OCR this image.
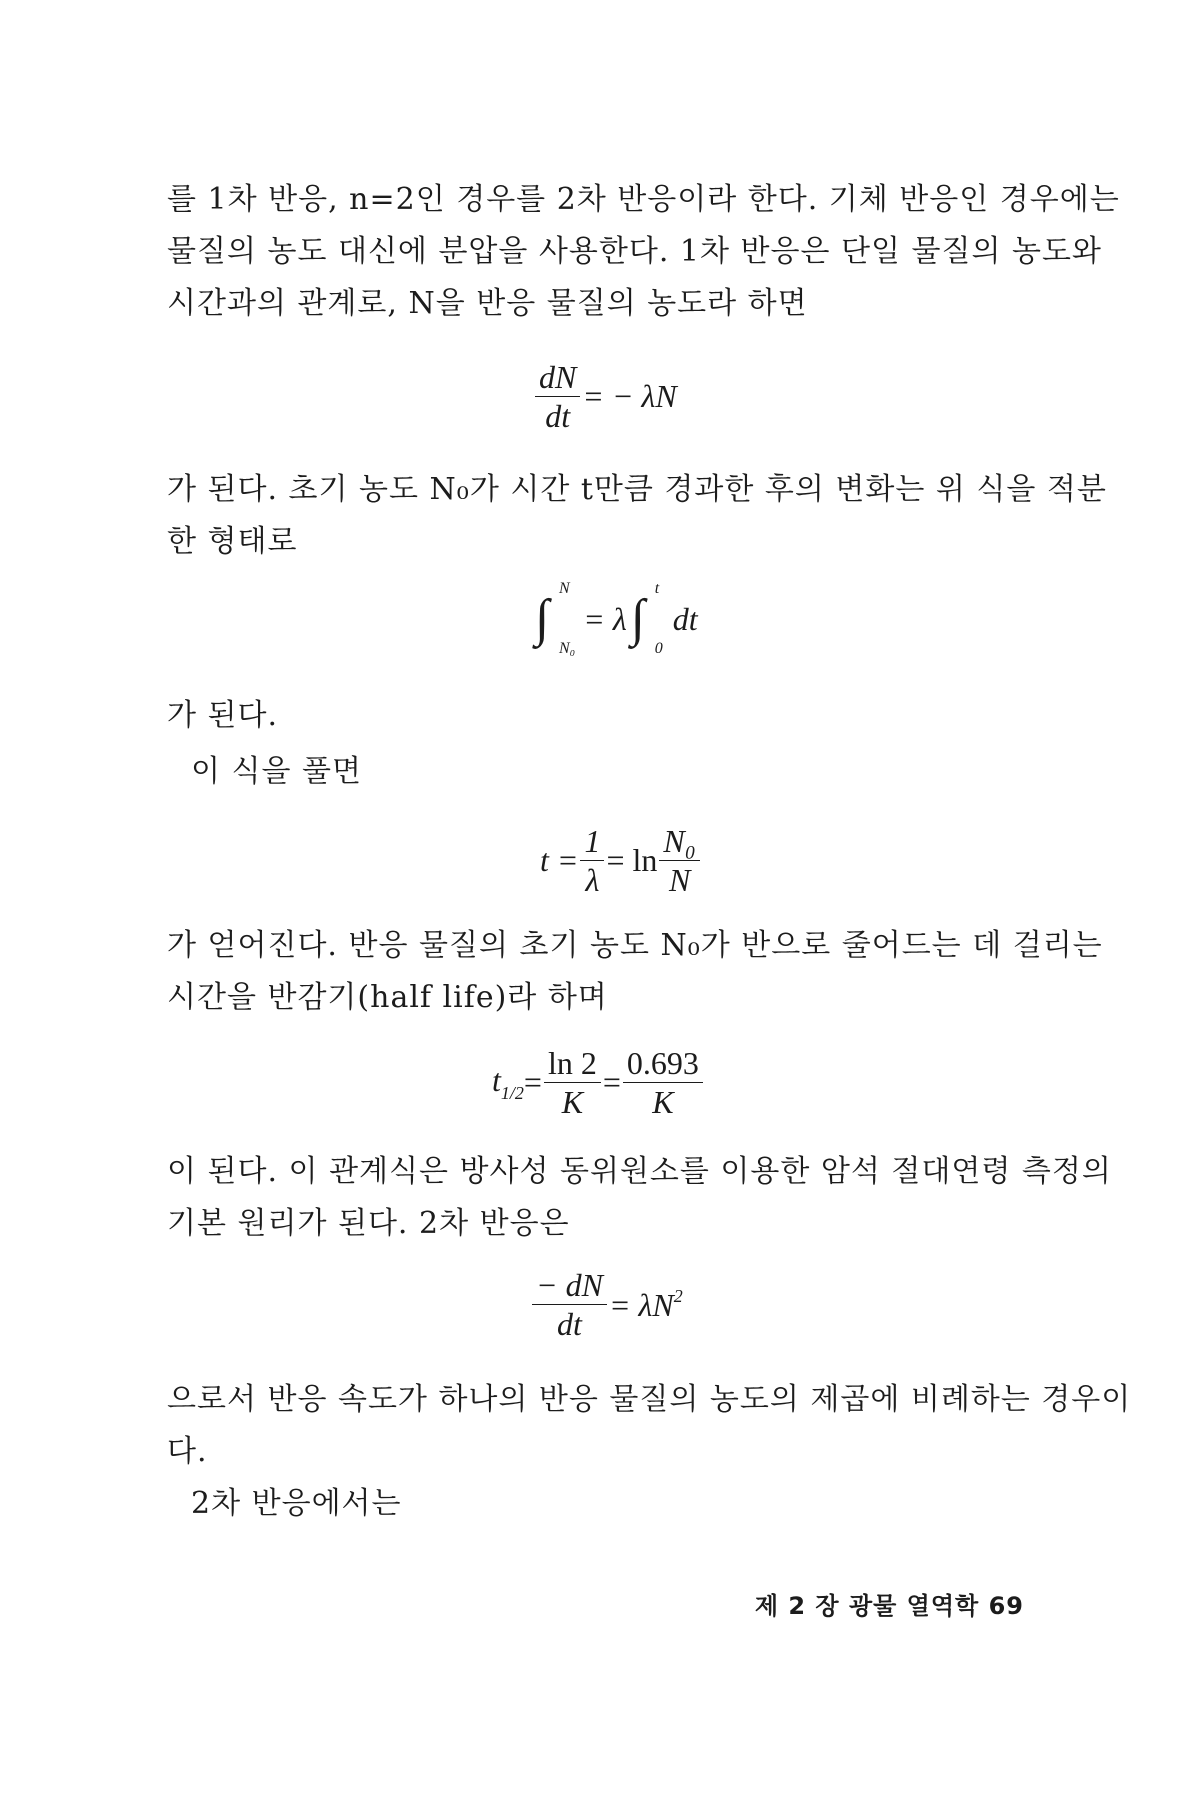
를 1차 반응, n=2인 경우를 2차 반응이라 한다. 기체 반응인 경우에는
물질의 농도 대신에 분압을 사용한다. 1차 반응은 단일 물질의 농도와
시간과의 관계로, N을 반응 물질의 농도라 하면
$\frac{dN}{dt}$ = − λN
가 된다. 초기 농도 N₀가 시간 t만큼 경과한 후의 변화는 위 식을 적분
한 형태로
∫
N
N₀
= λ ∫
t
0
dt
가 된다.
이 식을 풀면
$t = \frac{1}{\lambda} = \ln \frac{\text{N₀}}{N}$
가 얻어진다. 반응 물질의 초기 농도 N₀가 반으로 줄어드는 데 걸리는
시간을 반감기(half life)라 하며
$t_{1/2} = \frac{\ln 2}{K} = \frac{0.693}{K}$
이 된다. 이 관계식은 방사성 동위원소를 이용한 암석 절대연령 측정의
기본 원리가 된다. 2차 반응은
$\frac{- dN}{dt} = \lambda N^2$
으로서 반응 속도가 하나의 반응 물질의 농도의 제곱에 비례하는 경우이
다.
2차 반응에서는
제 2 장 광물 열역학 69
